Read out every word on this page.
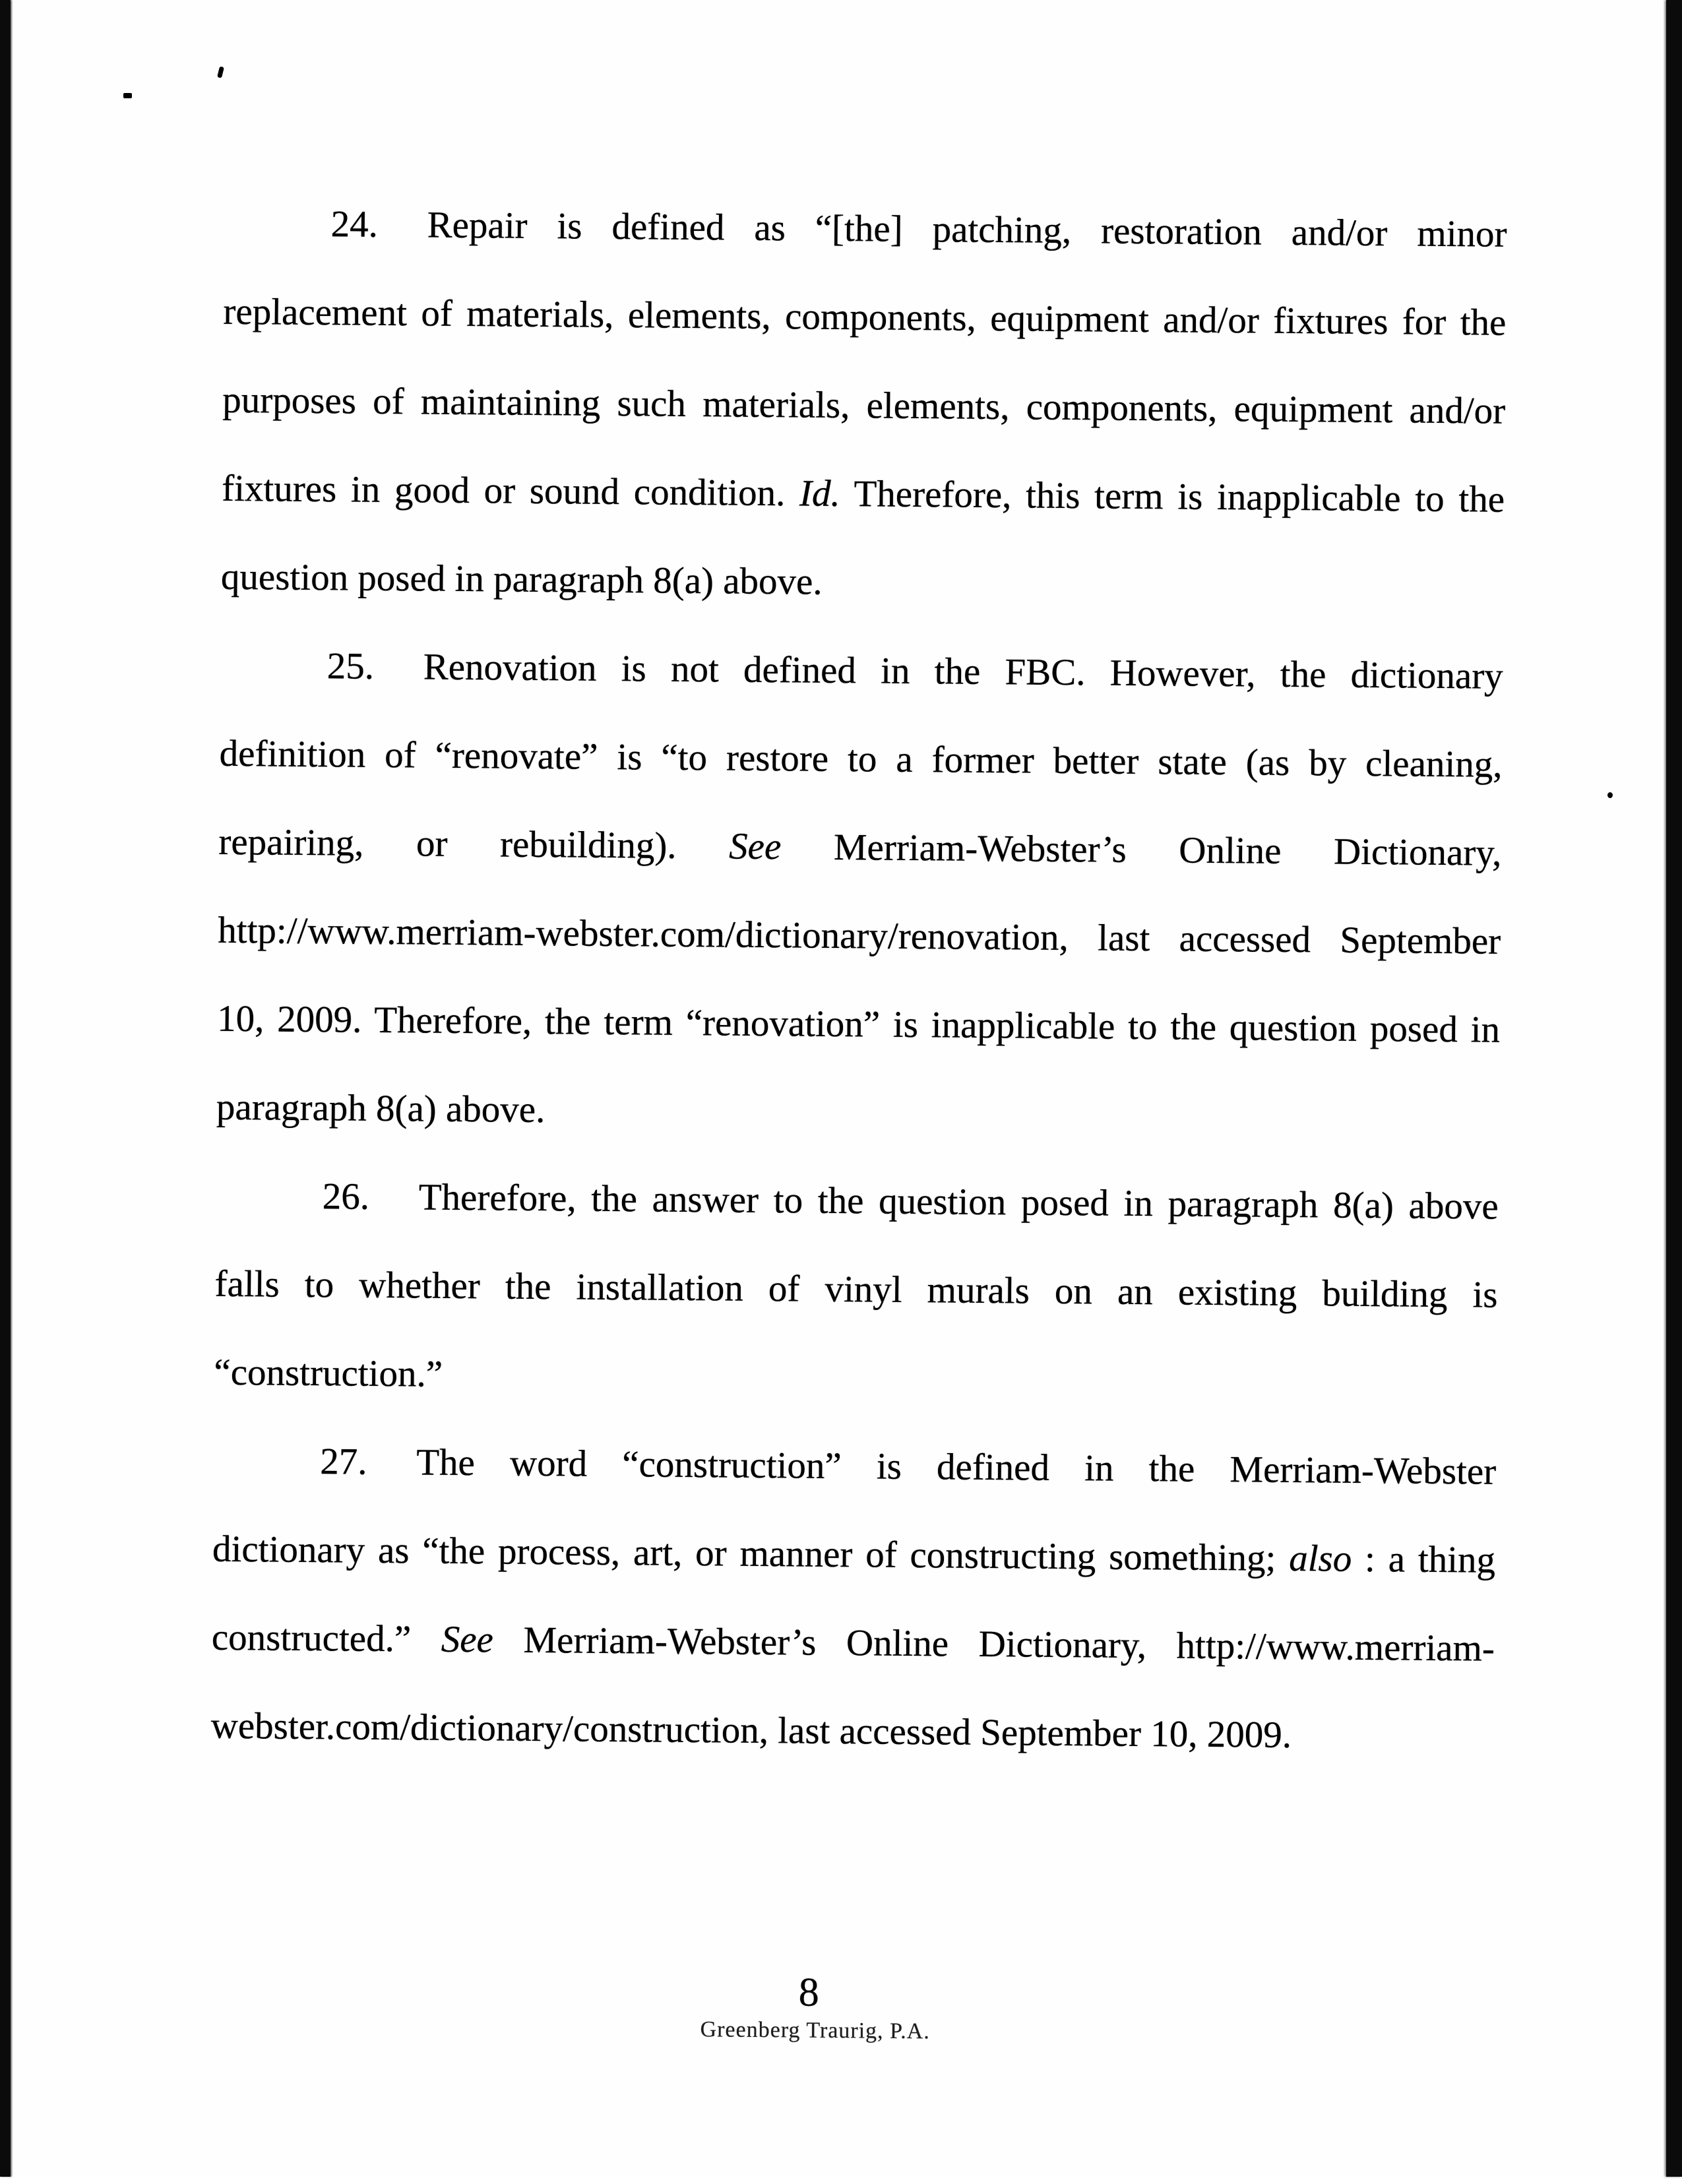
24. Repair is defined as “[the] patching, restoration and/or minor
replacement of materials, elements, components, equipment and/or fixtures for the
purposes of maintaining such materials, elements, components, equipment and/or
fixtures in good or sound condition. Id. Therefore, this term is inapplicable to the
question posed in paragraph 8(a) above.
25. Renovation is not defined in the FBC. However, the dictionary
definition of “renovate” is “to restore to a former better state (as by cleaning,
repairing, or rebuilding). See Merriam-Webster’s Online Dictionary,
http://www.merriam-webster.com/dictionary/renovation, last accessed September
10, 2009. Therefore, the term “renovation” is inapplicable to the question posed in
paragraph 8(a) above.
26. Therefore, the answer to the question posed in paragraph 8(a) above
falls to whether the installation of vinyl murals on an existing building is
“construction.”
27. The word “construction” is defined in the Merriam-Webster
dictionary as “the process, art, or manner of constructing something; also : a thing
constructed.” See Merriam-Webster’s Online Dictionary, http://www.merriam-
webster.com/dictionary/construction, last accessed September 10, 2009.
8
Greenberg Traurig, P.A.
